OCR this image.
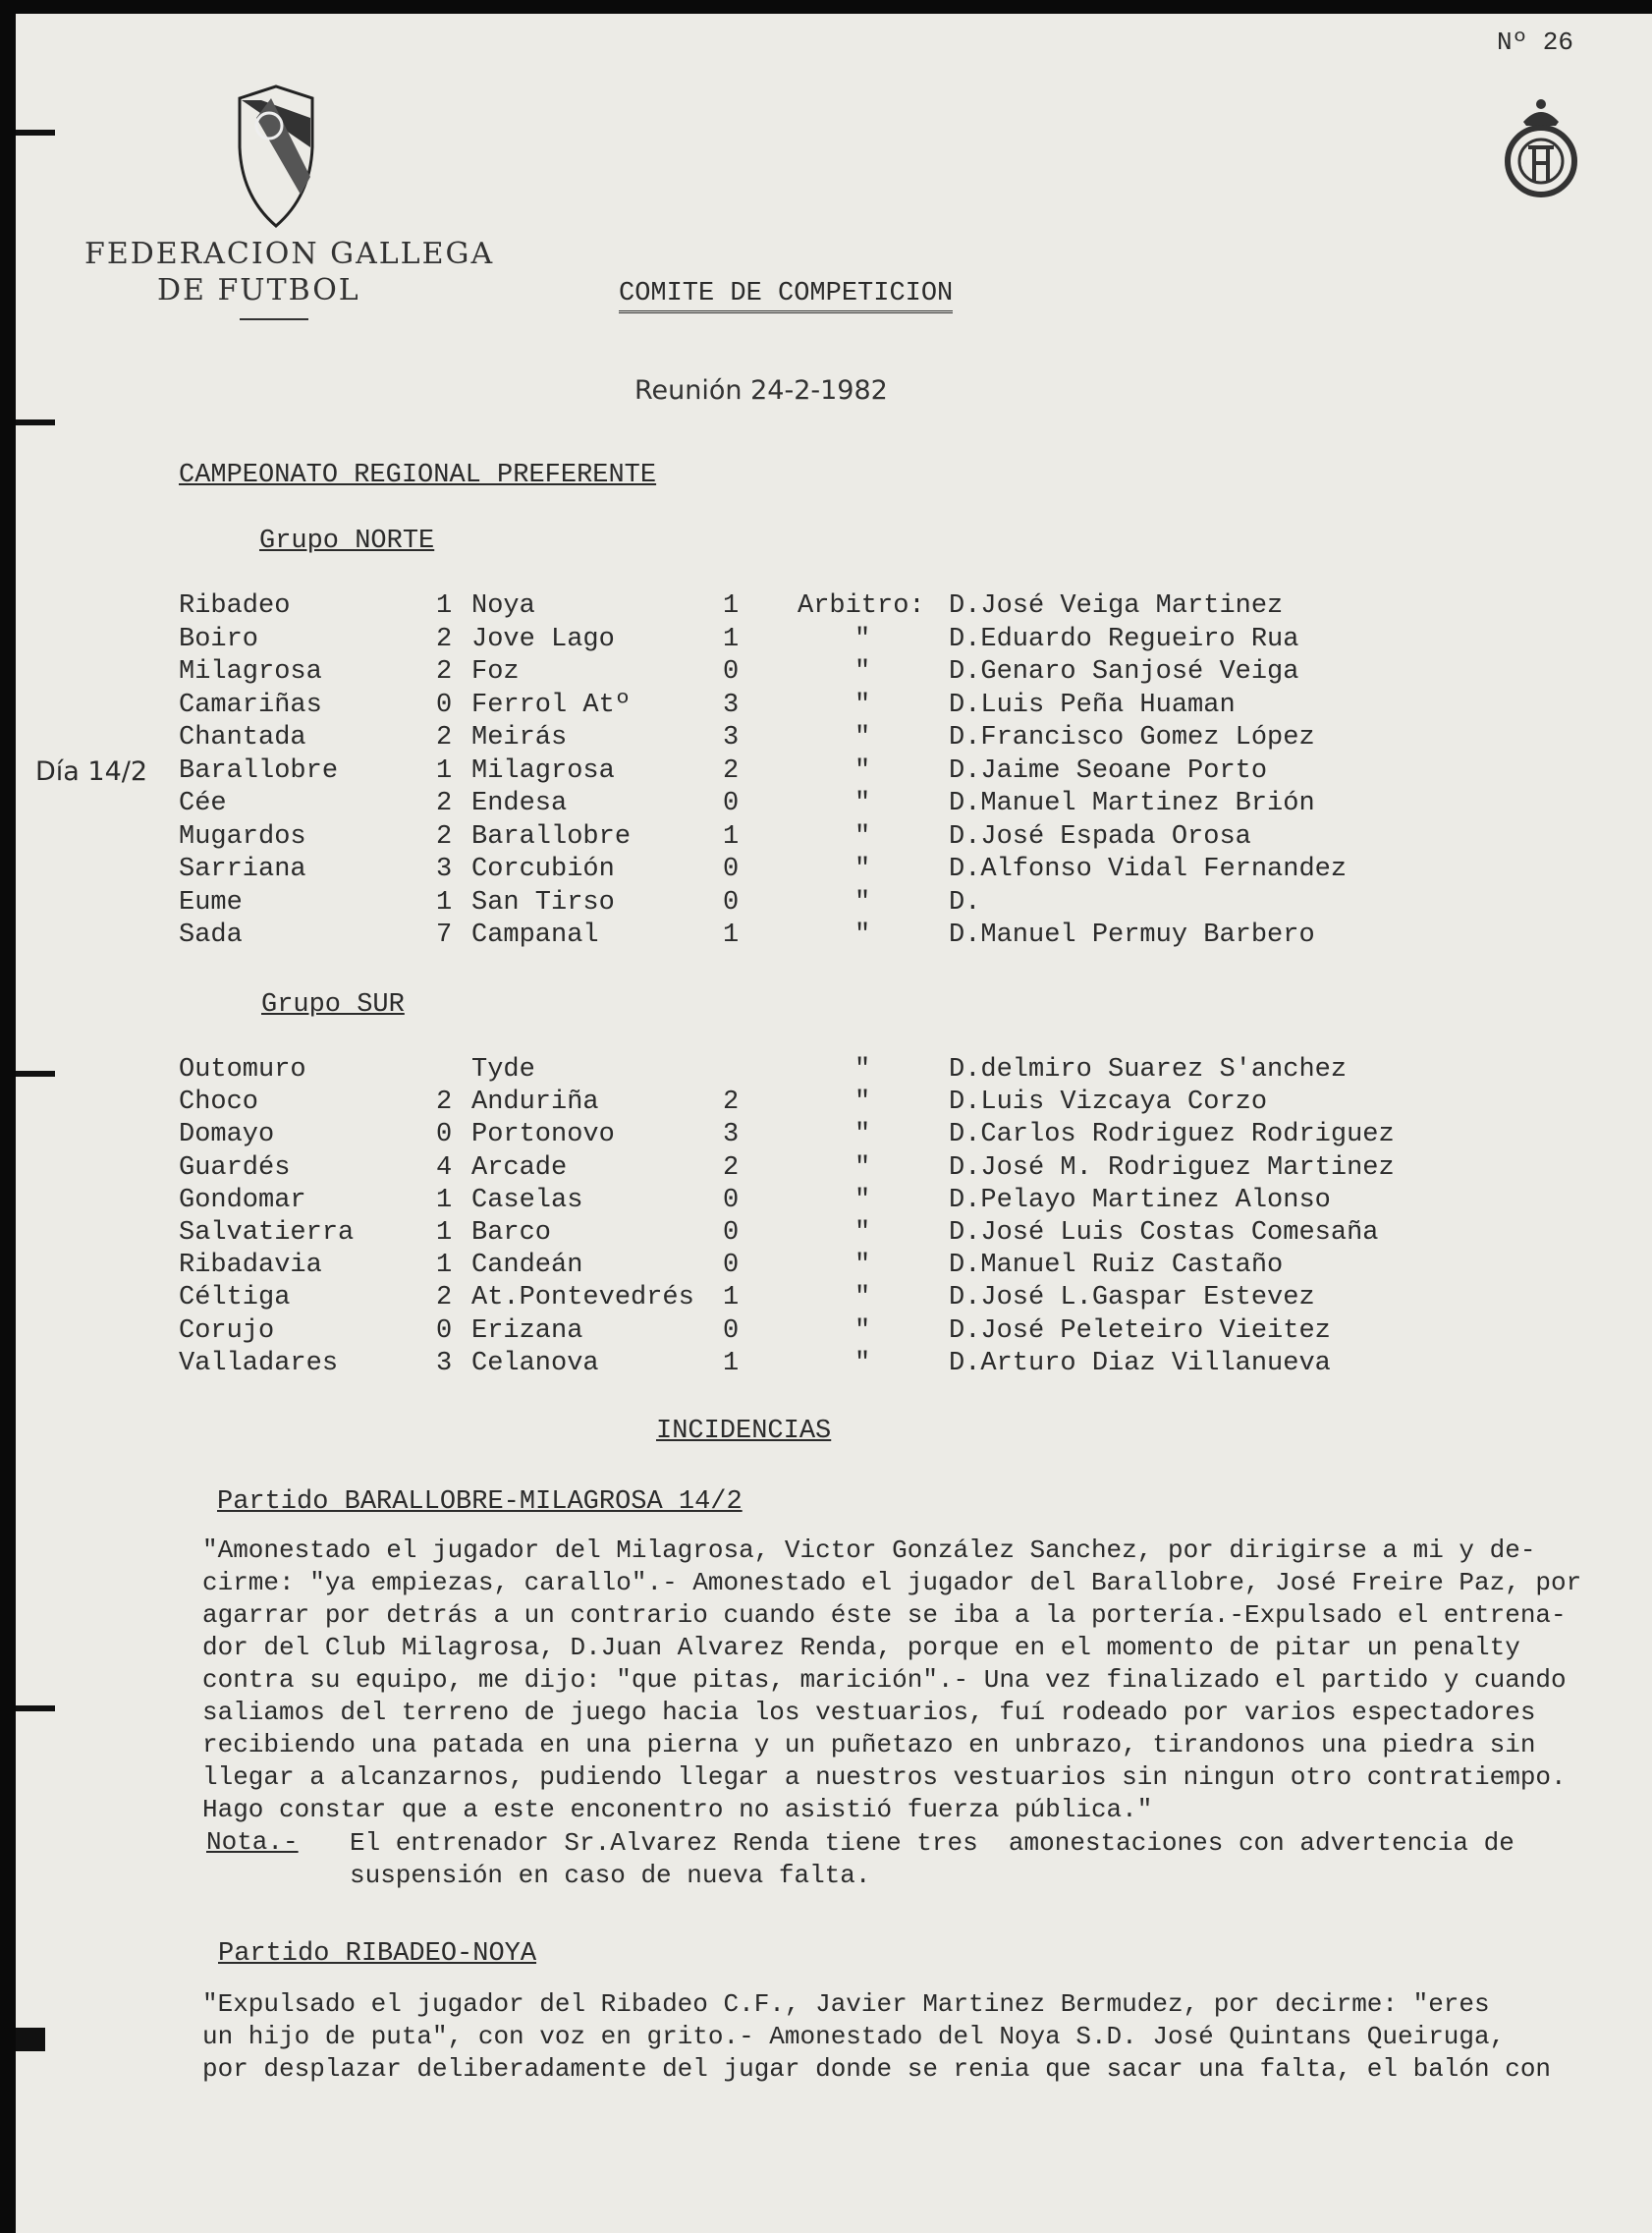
Nº 26
FEDERACION GALLEGA
DE FUTBOL	COMITE DE COMPETICION
Reunión 24-2-1982
CAMPEONATO REGIONAL PREFERENTE
Grupo NORTE
Ribadeo	1 Noya	1 Arbitro: D.José Veiga Martinez
Boiro	2 Jove Lago	1	"	D.Eduardo Regueiro Rua
Milagrosa	2 Foz	0	"	D.Genaro Sanjosé Veiga
Camariñas	0 Ferrol Atº	3	"	D.Luis Peña Huaman
Chantada	2 Meirás	3	"	D.Francisco Gomez López
Día 14/2 Barallobre	1 Milagrosa	2	"	D.Jaime Seoane Porto
Cée	2 Endesa	0	"	D.Manuel Martinez Brión
Mugardos	2 Barallobre	1	"	D.José Espada Orosa
Sarriana	3 Corcubión	0	"	D.Alfonso Vidal Fernandez
Eume	1 San Tirso	0	"	D.
Sada	7 Campanal	1	"	D.Manuel Permuy Barbero
Grupo SUR
Outomuro	Tyde	"	D.delmiro Suarez S'anchez
Choco	2 Anduriña	2	"	D.Luis Vizcaya Corzo
Domayo	0 Portonovo	3	"	D.Carlos Rodriguez Rodriguez
Guardés	4 Arcade	2	"	D.José M. Rodriguez Martinez
Gondomar	1 Caselas	0	"	D.Pelayo Martinez Alonso
Salvatierra	1 Barco	0	"	D.José Luis Costas Comesaña
Ribadavia	1 Candeán	0	"	D.Manuel Ruiz Castaño
Céltiga	2 At.Pontevedrés 1	"	D.José L.Gaspar Estevez
Corujo	0 Erizana	0	"	D.José Peleteiro Vieitez
Valladares	3 Celanova	1	"	D.Arturo Diaz Villanueva
INCIDENCIAS
Partido BARALLOBRE-MILAGROSA 14/2
"Amonestado el jugador del Milagrosa, Victor González Sanchez, por dirigirse a mi y de-
cirme: "ya empiezas, carallo".- Amonestado el jugador del Barallobre, José Freire Paz, por
agarrar por detrás a un contrario cuando éste se iba a la portería.-Expulsado el entrena-
dor del Club Milagrosa, D.Juan Alvarez Renda, porque en el momento de pitar un penalty
contra su equipo, me dijo: "que pitas, marición".- Una vez finalizado el partido y cuando
saliamos del terreno de juego hacia los vestuarios, fuí rodeado por varios espectadores
recibiendo una patada en una pierna y un puñetazo en unbrazo, tirandonos una piedra sin
llegar a alcanzarnos, pudiendo llegar a nuestros vestuarios sin ningun otro contratiempo.
Hago constar que a este enconentro no asistió fuerza pública."
Nota.- El entrenador Sr.Alvarez Renda tiene tres  amonestaciones con advertencia de
suspensión en caso de nueva falta.
Partido RIBADEO-NOYA
"Expulsado el jugador del Ribadeo C.F., Javier Martinez Bermudez, por decirme: "eres
un hijo de puta", con voz en grito.- Amonestado del Noya S.D. José Quintans Queiruga,
por desplazar deliberadamente del jugar donde se renia que sacar una falta, el balón con
